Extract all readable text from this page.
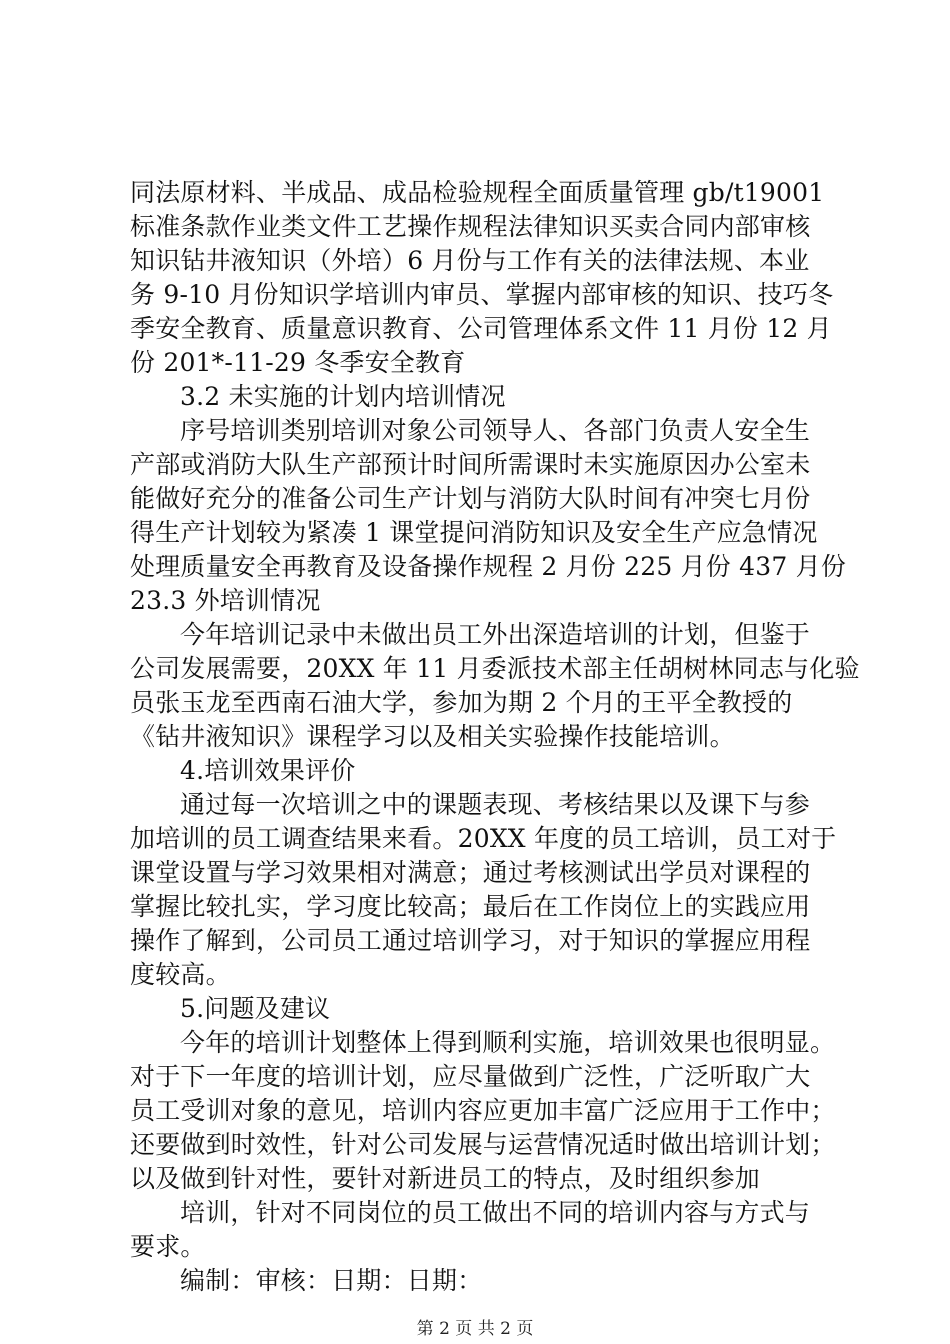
同法原材料、半成品、成品检验规程全面质量管理 gb/t19001
标准条款作业类文件工艺操作规程法律知识买卖合同内部审核
知识钻井液知识（外培）6 月份与工作有关的法律法规、本业
务 9-10 月份知识学培训内审员、掌握内部审核的知识、技巧冬
季安全教育、质量意识教育、公司管理体系文件 11 月份 12 月
份 201*-11-29 冬季安全教育
3.2 未实施的计划内培训情况
序号培训类别培训对象公司领导人、各部门负责人安全生
产部或消防大队生产部预计时间所需课时未实施原因办公室未
能做好充分的准备公司生产计划与消防大队时间有冲突七月份
得生产计划较为紧凑 1 课堂提问消防知识及安全生产应急情况
处理质量安全再教育及设备操作规程 2 月份 225 月份 437 月份
23.3 外培训情况
今年培训记录中未做出员工外出深造培训的计划，但鉴于
公司发展需要，20XX 年 11 月委派技术部主任胡树林同志与化验
员张玉龙至西南石油大学，参加为期 2 个月的王平全教授的
《钻井液知识》课程学习以及相关实验操作技能培训。
4.培训效果评价
通过每一次培训之中的课题表现、考核结果以及课下与参
加培训的员工调查结果来看。20XX 年度的员工培训，员工对于
课堂设置与学习效果相对满意；通过考核测试出学员对课程的
掌握比较扎实，学习度比较高；最后在工作岗位上的实践应用
操作了解到，公司员工通过培训学习，对于知识的掌握应用程
度较高。
5.问题及建议
今年的培训计划整体上得到顺利实施，培训效果也很明显。
对于下一年度的培训计划，应尽量做到广泛性，广泛听取广大
员工受训对象的意见，培训内容应更加丰富广泛应用于工作中；
还要做到时效性，针对公司发展与运营情况适时做出培训计划；
以及做到针对性，要针对新进员工的特点，及时组织参加
培训，针对不同岗位的员工做出不同的培训内容与方式与
要求。
编制：审核：日期：日期：
第 2 页 共 2 页
